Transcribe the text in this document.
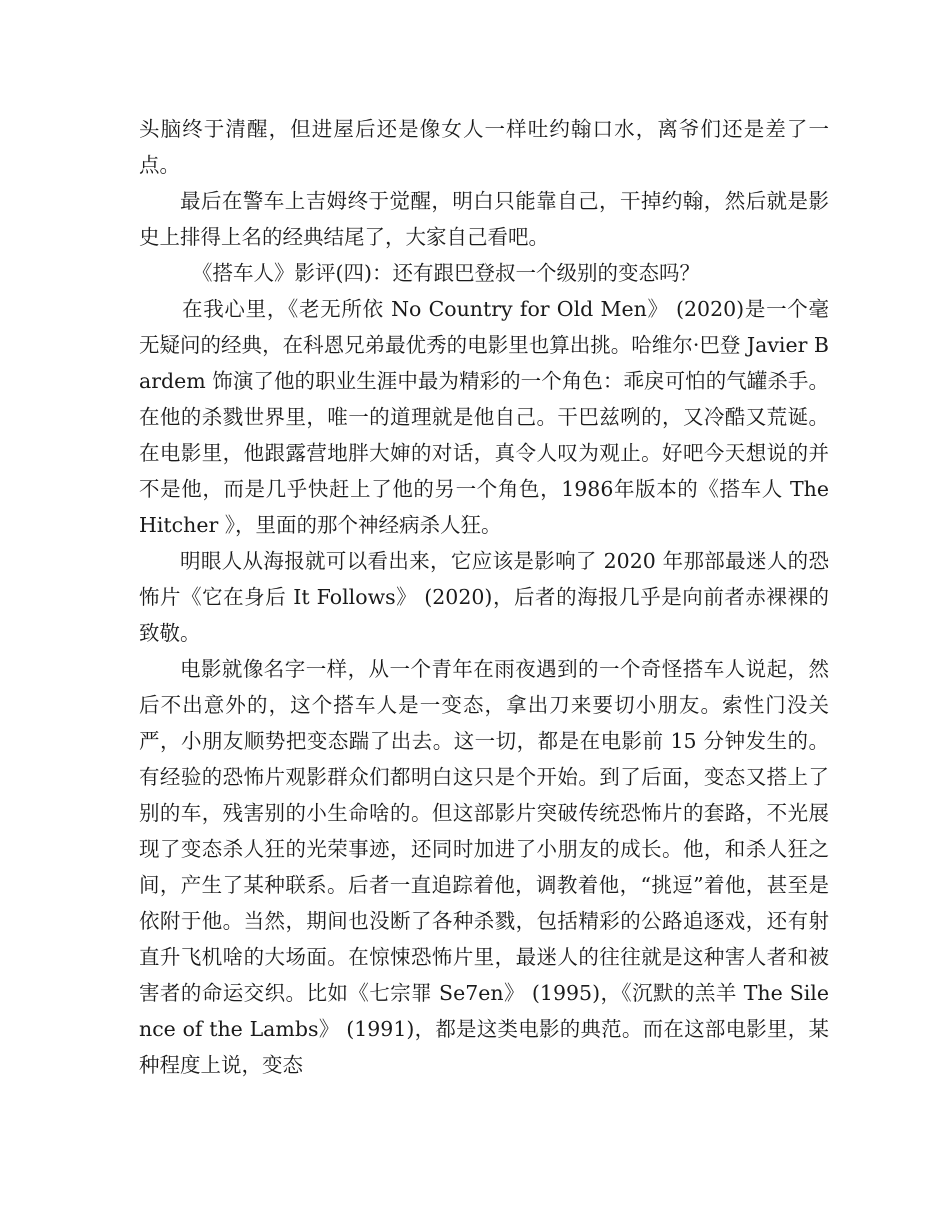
头脑终于清醒，但进屋后还是像女人一样吐约翰口水，离爷们还是差了一点。

最后在警车上吉姆终于觉醒，明白只能靠自己，干掉约翰，然后就是影史上排得上名的经典结尾了，大家自己看吧。

《搭车人》影评(四)：还有跟巴登叔一个级别的变态吗？

在我心里，《老无所依 No Country for Old Men》 (2020)是一个毫无疑问的经典，在科恩兄弟最优秀的电影里也算出挑。哈维尔·巴登 Javier Bardem 饰演了他的职业生涯中最为精彩的一个角色：乖戾可怕的气罐杀手。在他的杀戮世界里，唯一的道理就是他自己。干巴兹咧的，又冷酷又荒诞。在电影里，他跟露营地胖大婶的对话，真令人叹为观止。好吧今天想说的并不是他，而是几乎快赶上了他的另一个角色，1986年版本的《搭车人 The Hitcher 》，里面的那个神经病杀人狂。

明眼人从海报就可以看出来，它应该是影响了 2020 年那部最迷人的恐怖片《它在身后 It Follows》 (2020)，后者的海报几乎是向前者赤裸裸的致敬。

电影就像名字一样，从一个青年在雨夜遇到的一个奇怪搭车人说起，然后不出意外的，这个搭车人是一变态，拿出刀来要切小朋友。索性门没关严，小朋友顺势把变态踹了出去。这一切，都是在电影前 15 分钟发生的。有经验的恐怖片观影群众们都明白这只是个开始。到了后面，变态又搭上了别的车，残害别的小生命啥的。但这部影片突破传统恐怖片的套路，不光展现了变态杀人狂的光荣事迹，还同时加进了小朋友的成长。他，和杀人狂之间，产生了某种联系。后者一直追踪着他，调教着他，“挑逗”着他，甚至是依附于他。当然，期间也没断了各种杀戮，包括精彩的公路追逐戏，还有射直升飞机啥的大场面。在惊悚恐怖片里，最迷人的往往就是这种害人者和被害者的命运交织。比如《七宗罪 Se7en》 (1995)，《沉默的羔羊 The Silence of the Lambs》 (1991)，都是这类电影的典范。而在这部电影里，某种程度上说，变态
